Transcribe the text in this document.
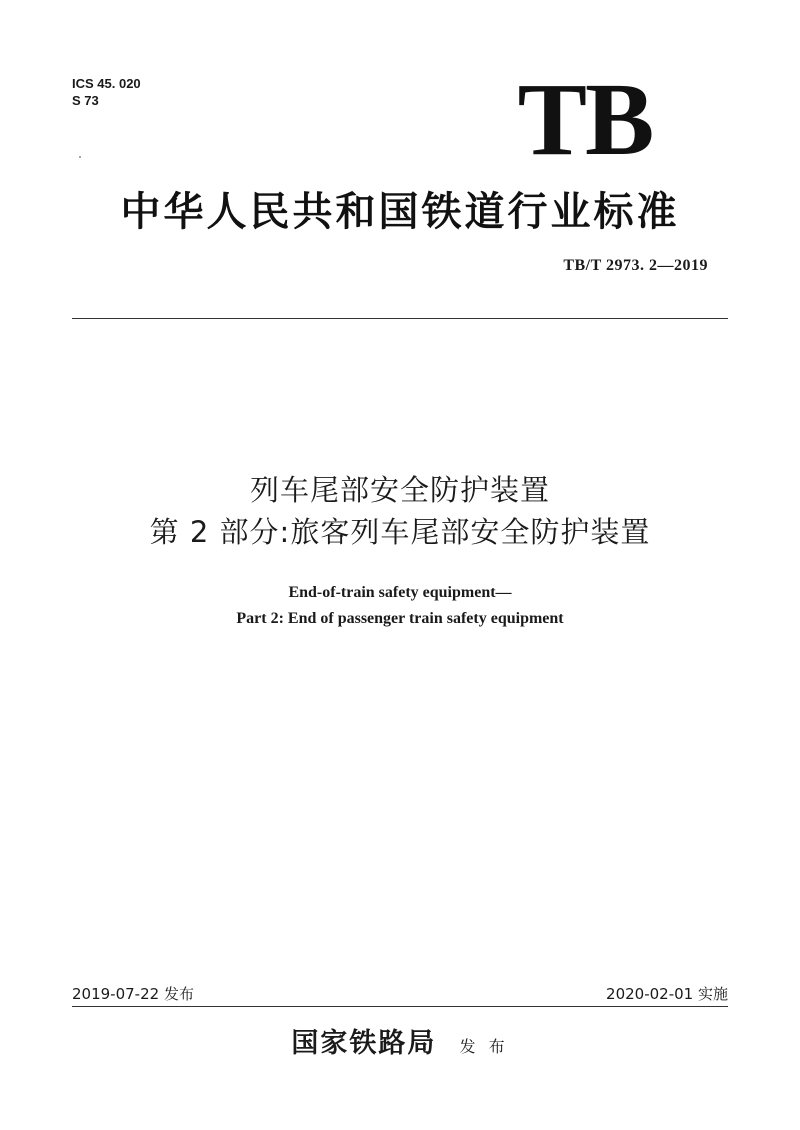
ICS 45. 020
S 73	TB
中华人民共和国铁道行业标准
TB/T 2973. 2—2019
列车尾部安全防护装置
第 2 部分:旅客列车尾部安全防护装置
End-of-train safety equipment—
Part 2: End of passenger train safety equipment
2019-07-22 发布	2020-02-01 实施
国家铁路局 发 布
